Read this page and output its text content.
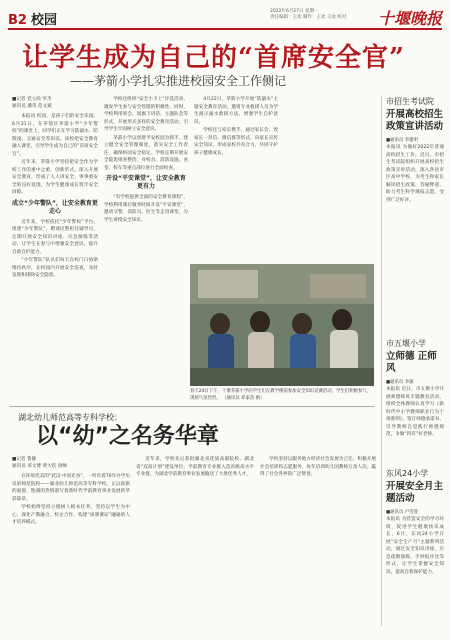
B2 校园
2022年6月27日 星期一
责任编辑：王欢 制作：王欢 王欢 校对 十堰晚报
让学生成为自己的“首席安全官”
——茅箭小学扎实推进校园安全工作侧记
■记者 党立尚 罗杰
通讯员 潘英 范文斌

本报讯 校园，是孩子们的安全乐园。6月21日，在茅箭区茅箭小学“少年警校”的课堂上，同学们正在学习防溺水、防欺凌、交通安全等知识。该校把安全教育融入课堂，引导学生成为自己的“首席安全官”。

近年来，茅箭小学坚持把安全作为学校工作的重中之重，创新形式，深入开展安全教育，形成了人人讲安全、事事重安全的良好氛围，为学生健康成长筑牢安全屏障。

成立“少年警队”，让安全教育更走心

近年来，学校依托“少年警校”平台，组建“少年警队”，聘请民警担任辅导员，定期开展安全知识讲座、应急演练等活动，让学生在参与中增强安全意识，提升自救自护能力。

“少年警队”队员们每天在校门口协助维持秩序，在校园内开展安全巡查，及时发现和排除安全隐患。

学校还组织“安全小卫士”评选活动，激发学生参与安全管理的积极性。同时，学校利用班会、国旗下讲话、主题队会等形式，开展形式多样的安全教育活动，引导学生牢固树立安全意识。

茅箭小学以创建平安校园为抓手，建立健全安全管理制度，落实安全工作责任，确保校园安全稳定。学校定期开展安全隐患排查整治，对校舍、消防设施、食堂、校车等重点部位进行全面检查。

开设“平安课堂”，让安全教育更有力

“有学校提供全面的安全教育课程”，学校利用课后服务时间开设“平安课堂”，邀请交警、消防员、医生等走进课堂，为学生讲授安全知识。

4月22日，茅箭小学开展“防溺水”主题安全教育活动，邀请专业救援人员为学生演示溺水救援方法，增强学生自护意识。

学校还与家长携手，通过家长会、致家长一封信、微信群等形式，向家长宣传安全知识，形成家校共育合力，共同守护孩子健康成长。

春天24日下午，十堰茅箭小学的学生们在教学楼前参加安全知识竞赛活动，学生们积极参与，现场气氛热烈。 （通讯员 邓家苗 摄）
湖北幼儿师范高等专科学校：
以“幼”之名务华章
■记者 鲁静
通讯员 邓文博 黄大钦 徐畅

在环境优美的“武汉·中国光谷”，一所有着70年办学历史的师范院校——湖北幼儿师范高等专科学校，正以崭新的面貌、饱满的热情谱写着新时代学前教育事业发展的华彩篇章。

学校始终坚持立德树人根本任务，坚持以学生为中心，深化产教融合、校企合作，构建“岗课赛证”融通的人才培养模式。

近年来，学校先后获批湖北省优质高职院校、湖北省“双高计划”建设单位，学前教育专业群入选省级高水平专业群，为湖北学前教育事业发展输送了大批优秀人才。

学校坚持以服务地方经济社会发展为己任，积极开展社会培训和志愿服务，每年培训幼儿园教师万余人次，赢得了社会各界的广泛赞誉。

市招生考试院
开展高校招生政策宣讲活动
■通讯员 李建明
本报讯 为做好2022年普通高校招生工作，近日，市招生考试院组织开展高校招生政策宣讲活动，深入各县市区高中学校，为考生和家长解读招生政策，答疑释惑，助力考生科学填报志愿，受到广泛好评。
市五堰小学
立师德 正师风
■通讯员 李敏
本报讯 近日，市五堰小学开展师德师风专题教育活动，组织全体教师认真学习《新时代中小学教师职业行为十项准则》，签订师德承诺书，引导教师自觉践行师德规范，争做“四有”好老师。
东风24小学
开展安全月主题活动
■通讯员 卢雪莲
本报讯 为营造安全的学习环境，促进学生健康快乐成长，6月，东风24小学开展“安全生产月”主题系列活动，通过安全知识讲座、应急疏散演练、手抄报评比等形式，让学生掌握安全知识，提高自我保护能力。
